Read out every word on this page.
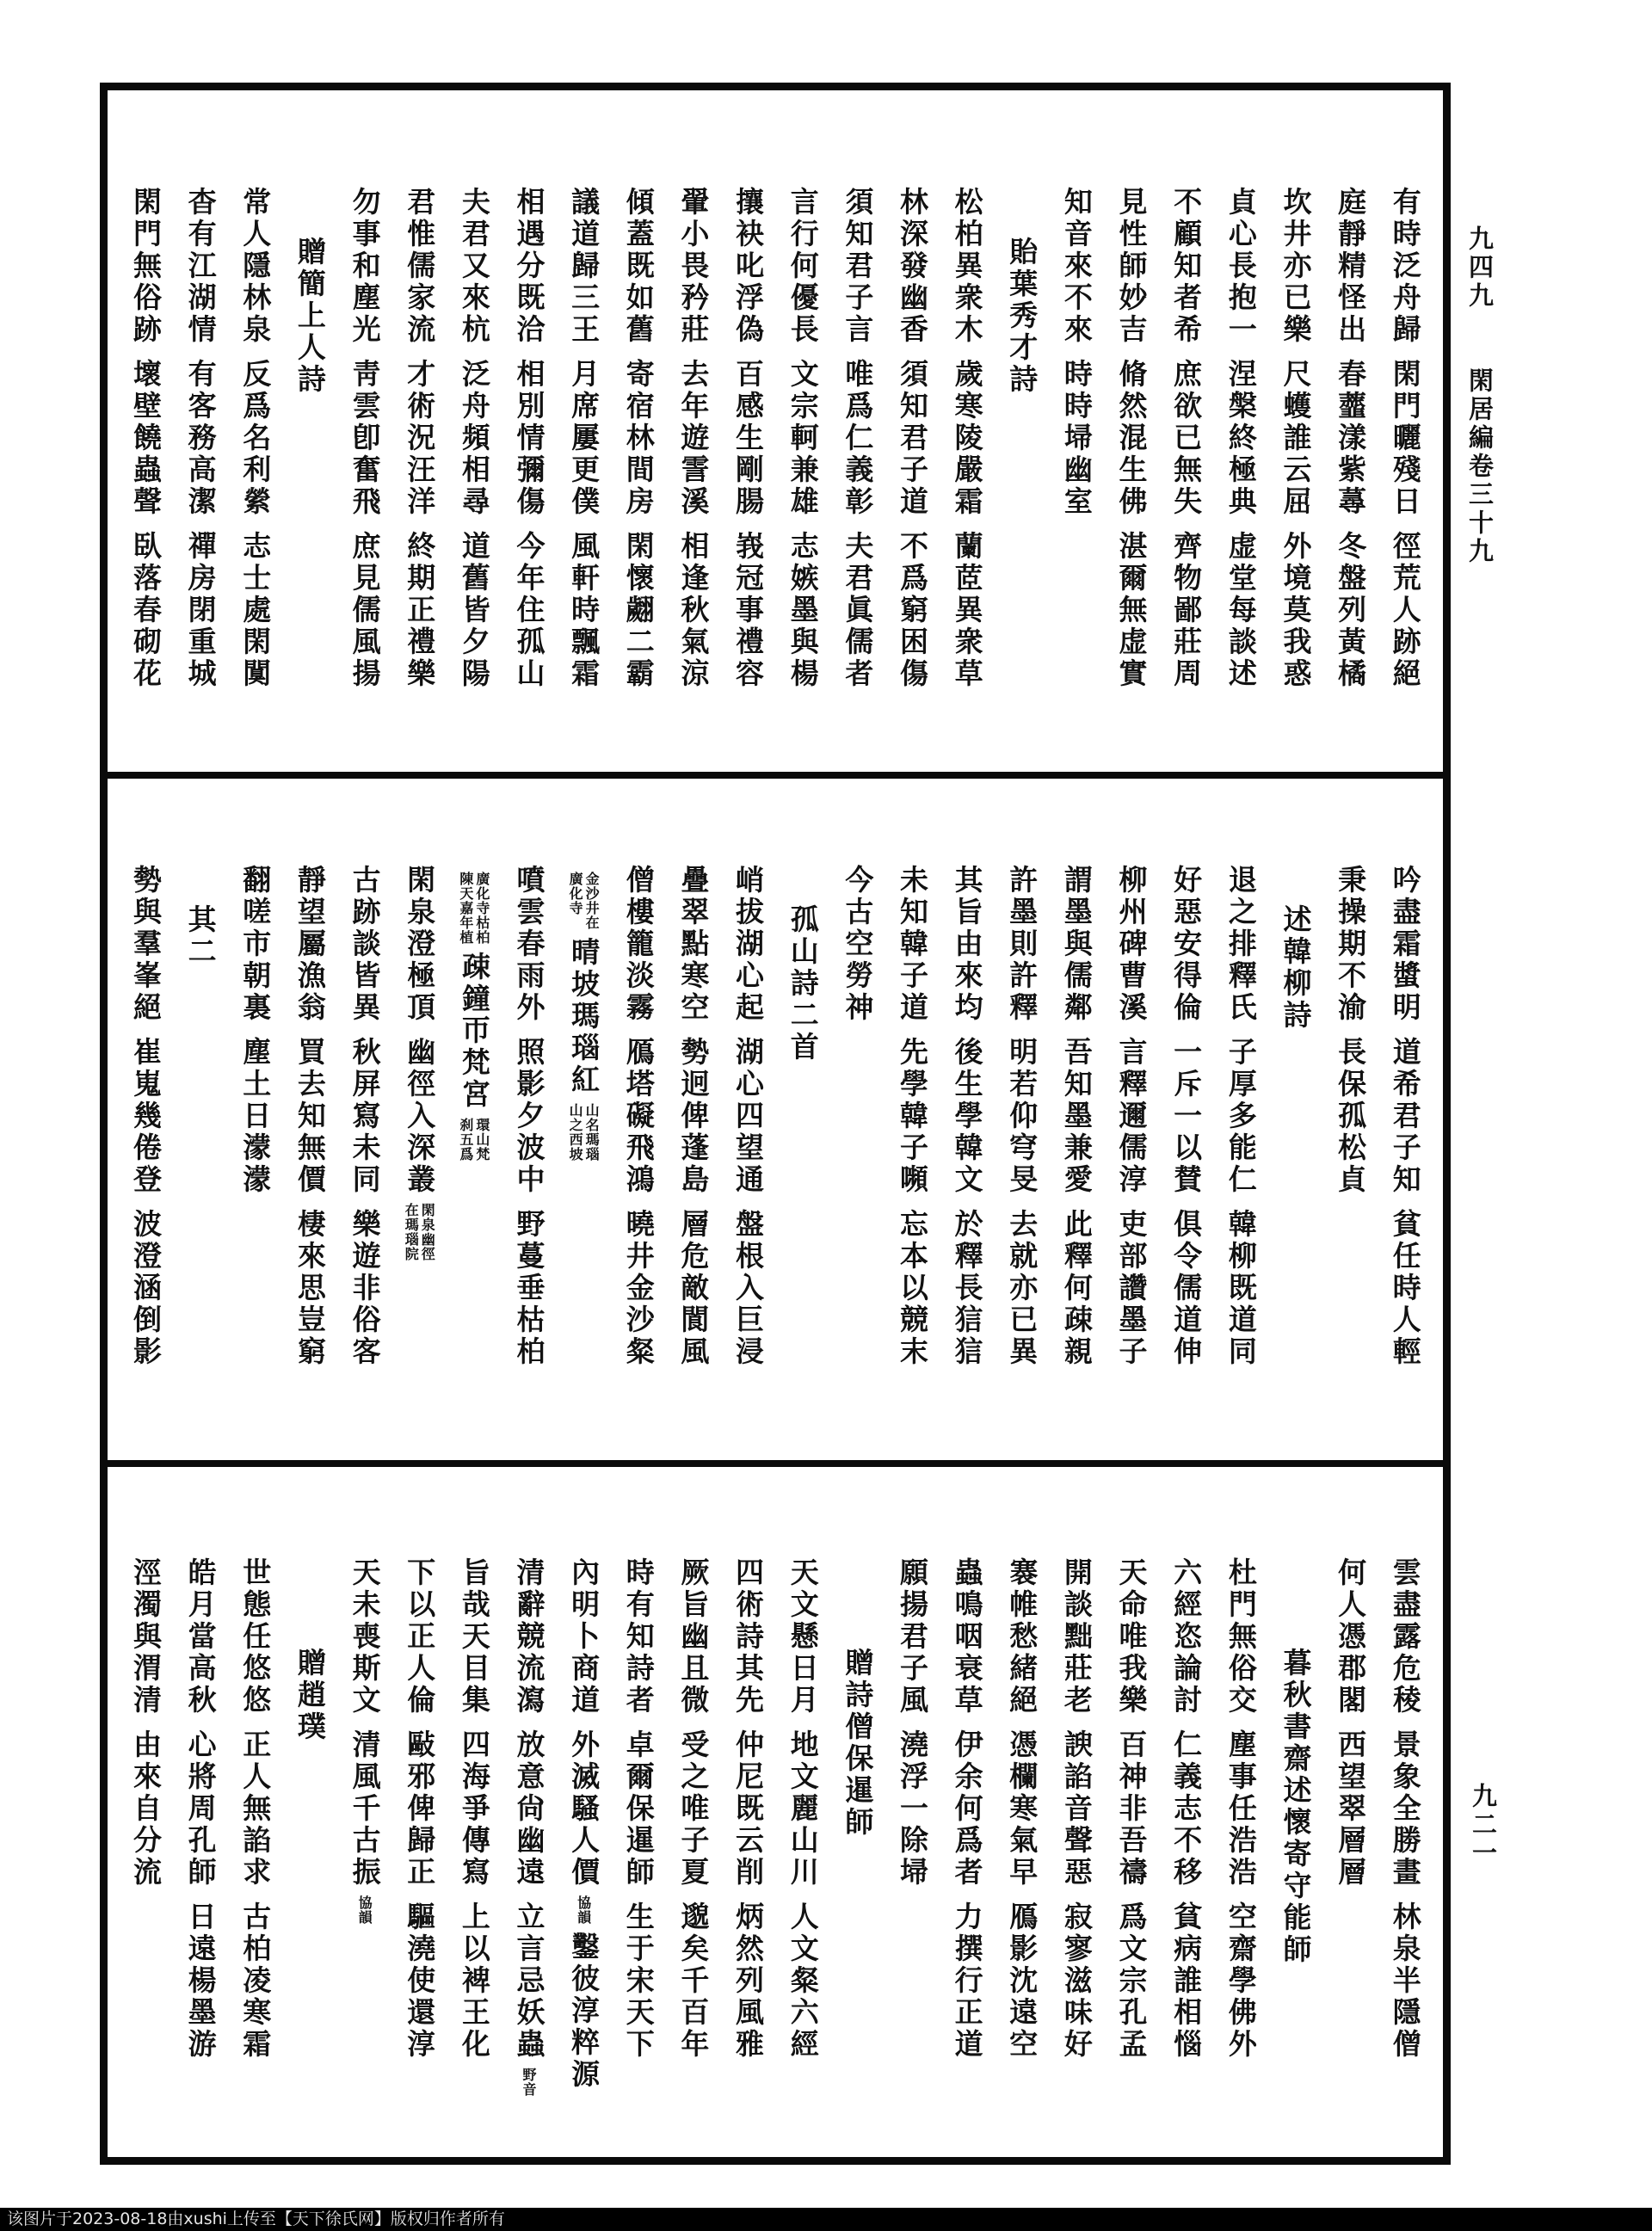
有時泛舟歸
閑門曬殘日
徑荒人跡絕
庭靜精怪出
春虀漾紫蕁
冬盤列黃橘
坎井亦已樂
尺蠖誰云屈
外境莫我惑
貞心長抱一
涅槃終極典
虚堂每談述
不顧知者希
庶欲已無失
齊物鄙莊周
見性師妙吉
脩然混生佛
湛爾無虚實
知音來不來
時時埽幽室
貽葉秀才詩
松柏異衆木
歲寒陵嚴霜
蘭茝異衆草
林深發幽香
須知君子道
不爲窮困傷
須知君子言
唯爲仁義彰
夫君眞儒者
言行何優長
文宗軻兼雄
志嫉墨與楊
攘袂叱浮偽
百感生剛腸
峩冠事禮容
翬小畏矜莊
去年遊霅溪
相逢秋氣涼
傾蓋既如舊
寄宿林間房
閑懷翽二霸
議道歸三王
月席屢更僕
風軒時飄霜
相遇分既洽
相別情彌傷
今年住孤山
夫君又來杭
泛舟頻相尋
道舊皆夕陽
君惟儒家流
才術況汪洋
終期正禮樂
勿事和塵光
靑雲卽奮飛
庶見儒風揚
贈簡上人詩
常人隱林泉
反爲名利縈
志士處閑闃
杳有江湖情
有客務高潔
禪房閉重城
閑門無俗跡
壞壁饒蟲聲
臥落春砌花
吟盡霜螿明
道希君子知
貧任時人輕
秉操期不渝
長保孤松貞
述韓柳詩
退之排釋氏
子厚多能仁
韓柳既道同
好惡安得倫
一斥一以賛
俱令儒道伸
柳州碑曹溪
言釋邇儒淳
吏部讚墨子
謂墨與儒鄰
吾知墨兼愛
此釋何疎親
許墨則許釋
明若仰穹旻
去就亦已異
其旨由來均
後生學韓文
於釋長狺狺
未知韓子道
先學韓子嚬
忘本以競末
今古空勞神
孤山詩二首
峭拔湖心起
湖心四望通
盤根入巨浸
疊翠點寒空
勢迥俾蓬島
層危敵閬風
僧樓籠淡霧
鴈塔礙飛鴻
曉井金沙粲
金沙井在
廣化寺
晴坡瑪瑙紅
山名瑪瑙
山之西坡
噴雲春雨外
照影夕波中
野蔓垂枯柏
廣化寺枯柏
陳天嘉年植
疎鐘帀梵宮
環山梵
刹五爲
閑泉澄極頂
幽徑入深叢
閑泉幽徑
在瑪瑙院
古跡談皆異
秋屏寫未同
樂遊非俗客
靜望屬漁翁
買去知無價
棲來思豈窮
翻嗟市朝裏
塵土日濛濛
其二
勢與羣峯絕
崔嵬幾倦登
波澄涵倒影
雲盡露危稜
景象全勝畫
林泉半隱僧
何人憑郡閣
西望翠層層
暮秋書齋述懷寄守能師
杜門無俗交
塵事任浩浩
空齋學佛外
六經恣論討
仁義志不移
貧病誰相惱
天命唯我樂
百神非吾禱
爲文宗孔孟
開談黜莊老
諛諂音聲惡
寂寥滋味好
褰帷愁緒絕
憑欄寒氣早
鴈影沈遠空
蟲鳴咽衰草
伊余何爲者
力撰行正道
願揚君子風
澆浮一除埽
贈詩僧保暹師
天文懸日月
地文麗山川
人文粲六經
四術詩其先
仲尼既云削
炳然列風雅
厥旨幽且微
受之唯子夏
邈矣千百年
時有知詩者
卓爾保暹師
生于宋天下
內明卜商道
外滅騷人價
協韻
鑿彼淳粹源
清辭競流瀉
放意尙幽遠
立言忌妖蟲
野音
旨哉天目集
四海爭傳寫
上以裨王化
下以正人倫
敺邪俾歸正
驅澆使還淳
天未喪斯文
清風千古振
協韻
贈趙璞
世態任悠悠
正人無諂求
古柏凌寒霜
皓月當高秋
心將周孔師
日遠楊墨游
涇濁與渭清
由來自分流
九四九 閑居編卷三十九
九二一
该图片于2023-08-18由xushi上传至【天下徐氏网】版权归作者所有
